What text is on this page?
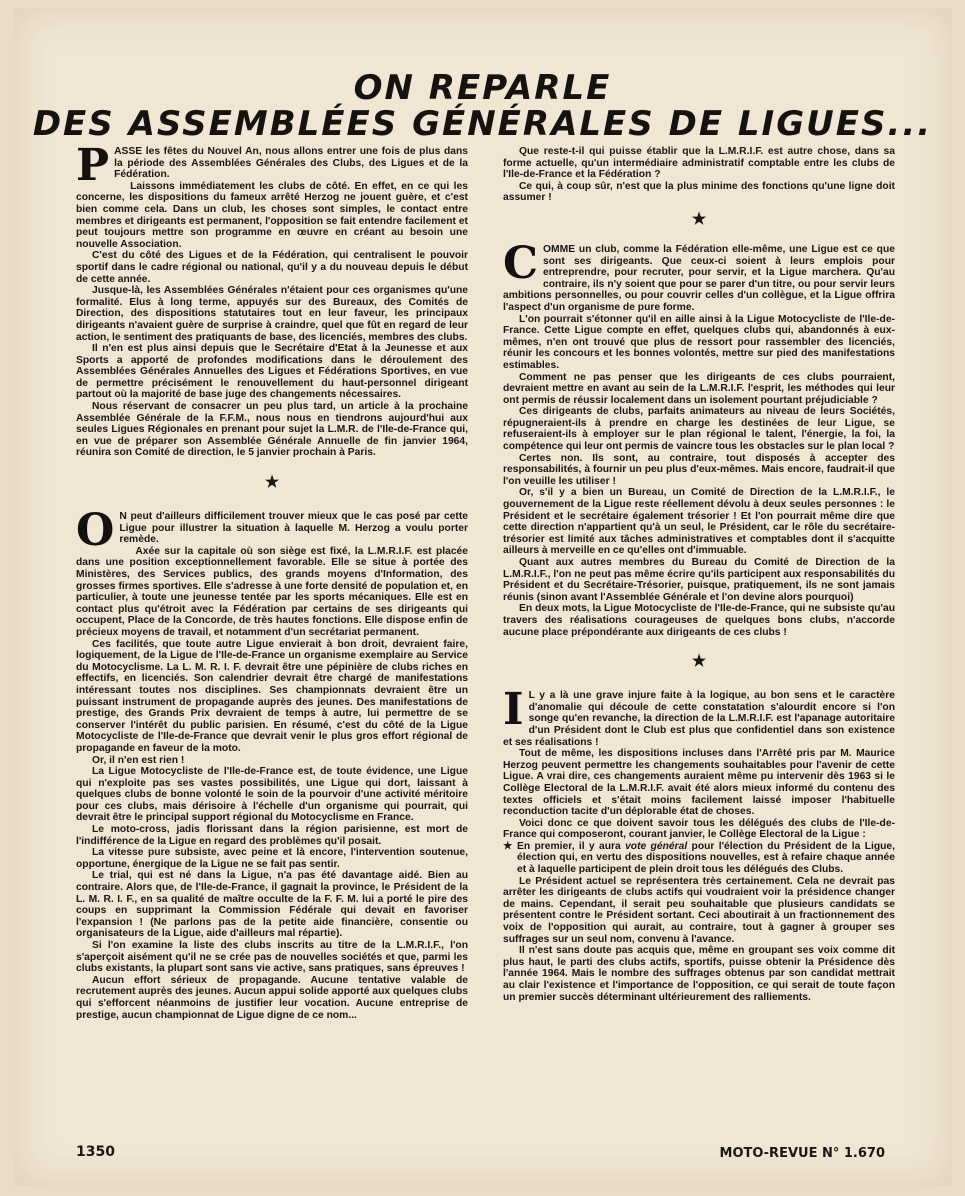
ON REPARLE
DES ASSEMBLÉES GÉNÉRALES DE LIGUES...

PASSE les fêtes du Nouvel An, nous allons entrer une fois de plus dans la période des Assemblées Générales des Clubs, des Ligues et de la Fédération.

Laissons immédiatement les clubs de côté. En effet, en ce qui les concerne, les dispositions du fameux arrêté Herzog ne jouent guère, et c'est bien comme cela. Dans un club, les choses sont simples, le contact entre membres et dirigeants est permanent, l'opposition se fait entendre facilement et peut toujours mettre son programme en œuvre en créant au besoin une nouvelle Association.

C'est du côté des Ligues et de la Fédération, qui centralisent le pouvoir sportif dans le cadre régional ou national, qu'il y a du nouveau depuis le début de cette année.

Jusque-là, les Assemblées Générales n'étaient pour ces organismes qu'une formalité. Elus à long terme, appuyés sur des Bureaux, des Comités de Direction, des dispositions statutaires tout en leur faveur, les principaux dirigeants n'avaient guère de surprise à craindre, quel que fût en regard de leur action, le sentiment des pratiquants de base, des licenciés, membres des clubs.

Il n'en est plus ainsi depuis que le Secrétaire d'Etat à la Jeunesse et aux Sports a apporté de profondes modifications dans le déroulement des Assemblées Générales Annuelles des Ligues et Fédérations Sportives, en vue de permettre précisément le renouvellement du haut-personnel dirigeant partout où la majorité de base juge des changements nécessaires.

Nous réservant de consacrer un peu plus tard, un article à la prochaine Assemblée Générale de la F.F.M., nous nous en tiendrons aujourd'hui aux seules Ligues Régionales en prenant pour sujet la L.M.R. de l'Ile-de-France qui, en vue de préparer son Assemblée Générale Annuelle de fin janvier 1964, réunira son Comité de direction, le 5 janvier prochain à Paris.

★

O N peut d'ailleurs difficilement trouver mieux que le cas posé par cette Ligue pour illustrer la situation à laquelle M. Herzog a voulu porter remède.

Axée sur la capitale où son siège est fixé, la L.M.R.I.F. est placée dans une position exceptionnellement favorable. Elle se situe à portée des Ministères, des Services publics, des grands moyens d'Information, des grosses firmes sportives. Elle s'adresse à une forte densité de population et, en particulier, à toute une jeunesse tentée par les sports mécaniques. Elle est en contact plus qu'étroit avec la Fédération par certains de ses dirigeants qui occupent, Place de la Concorde, de très hautes fonctions. Elle dispose enfin de précieux moyens de travail, et notamment d'un secrétariat permanent.

Ces facilités, que toute autre Ligue envierait à bon droit, devraient faire, logiquement, de la Ligue de l'Ile-de-France un organisme exemplaire au Service du Motocyclisme. La L. M. R. I. F. devrait être une pépinière de clubs riches en effectifs, en licenciés. Son calendrier devrait être chargé de manifestations intéressant toutes nos disciplines. Ses championnats devraient être un puissant instrument de propagande auprès des jeunes. Des manifestations de prestige, des Grands Prix devraient de temps à autre, lui permettre de se conserver l'intérêt du public parisien. En résumé, c'est du côté de la Ligue Motocycliste de l'Ile-de-France que devrait venir le plus gros effort régional de propagande en faveur de la moto.

Or, il n'en est rien !

La Ligue Motocycliste de l'Ile-de-France est, de toute évidence, une Ligue qui n'exploite pas ses vastes possibilités, une Ligue qui dort, laissant à quelques clubs de bonne volonté le soin de la pourvoir d'une activité méritoire pour ces clubs, mais dérisoire à l'échelle d'un organisme qui pourrait, qui devrait être le principal support régional du Motocyclisme en France.

Le moto-cross, jadis florissant dans la région parisienne, est mort de l'indifférence de la Ligue en regard des problèmes qu'il posait.

La vitesse pure subsiste, avec peine et là encore, l'intervention soutenue, opportune, énergique de la Ligue ne se fait pas sentir.

Le trial, qui est né dans la Ligue, n'a pas été davantage aidé. Bien au contraire. Alors que, de l'Ile-de-France, il gagnait la province, le Président de la L. M. R. I. F., en sa qualité de maître occulte de la F. F. M. lui a porté le pire des coups en supprimant la Commission Fédérale qui devait en favoriser l'expansion ! (Ne parlons pas de la petite aide financière, consentie ou organisateurs de la Ligue, aide d'ailleurs mal répartie).

Si l'on examine la liste des clubs inscrits au titre de la L.M.R.I.F., l'on s'aperçoit aisément qu'il ne se crée pas de nouvelles sociétés et que, parmi les clubs existants, la plupart sont sans vie active, sans pratiques, sans épreuves !

Aucun effort sérieux de propagande. Aucune tentative valable de recrutement auprès des jeunes. Aucun appui solide apporté aux quelques clubs qui s'efforcent néanmoins de justifier leur vocation. Aucune entreprise de prestige, aucun championnat de Ligue digne de ce nom...

Que reste-t-il qui puisse établir que la L.M.R.I.F. est autre chose, dans sa forme actuelle, qu'un intermédiaire administratif comptable entre les clubs de l'Ile-de-France et la Fédération ?

Ce qui, à coup sûr, n'est que la plus minime des fonctions qu'une ligne doit assumer !

★

COMME un club, comme la Fédération elle-même, une Ligue est ce que sont ses dirigeants. Que ceux-ci soient à leurs emplois pour entreprendre, pour recruter, pour servir, et la Ligue marchera. Qu'au contraire, ils n'y soient que pour se parer d'un titre, ou pour servir leurs ambitions personnelles, ou pour couvrir celles d'un collègue, et la Ligue offrira l'aspect d'un organisme de pure forme.

L'on pourrait s'étonner qu'il en aille ainsi à la Ligue Motocycliste de l'Ile-de-France. Cette Ligue compte en effet, quelques clubs qui, abandonnés à eux-mêmes, n'en ont trouvé que plus de ressort pour rassembler des licenciés, réunir les concours et les bonnes volontés, mettre sur pied des manifestations estimables.

Comment ne pas penser que les dirigeants de ces clubs pourraient, devraient mettre en avant au sein de la L.M.R.I.F. l'esprit, les méthodes qui leur ont permis de réussir localement dans un isolement pourtant préjudiciable ?

Ces dirigeants de clubs, parfaits animateurs au niveau de leurs Sociétés, répugneraient-ils à prendre en charge les destinées de leur Ligue, se refuseraient-ils à employer sur le plan régional le talent, l'énergie, la foi, la compétence qui leur ont permis de vaincre tous les obstacles sur le plan local ?

Certes non. Ils sont, au contraire, tout disposés à accepter des responsabilités, à fournir un peu plus d'eux-mêmes. Mais encore, faudrait-il que l'on veuille les utiliser !

Or, s'il y a bien un Bureau, un Comité de Direction de la L.M.R.I.F., le gouvernement de la Ligue reste réellement dévolu à deux seules personnes : le Président et le secrétaire également trésorier ! Et l'on pourrait même dire que cette direction n'appartient qu'à un seul, le Président, car le rôle du secrétaire-trésorier est limité aux tâches administratives et comptables dont il s'acquitte ailleurs à merveille en ce qu'elles ont d'immuable.

Quant aux autres membres du Bureau du Comité de Direction de la L.M.R.I.F., l'on ne peut pas même écrire qu'ils participent aux responsabilités du Président et du Secrétaire-Trésorier, puisque, pratiquement, ils ne sont jamais réunis (sinon avant l'Assemblée Générale et l'on devine alors pourquoi)

En deux mots, la Ligue Motocycliste de l'Ile-de-France, qui ne subsiste qu'au travers des réalisations courageuses de quelques bons clubs, n'accorde aucune place prépondérante aux dirigeants de ces clubs !

★

I L y a là une grave injure faite à la logique, au bon sens et le caractère d'anomalie qui découle de cette constatation s'alourdit encore si l'on songe qu'en revanche, la direction de la L.M.R.I.F. est l'apanage autoritaire d'un Président dont le Club est plus que confidentiel dans son existence et ses réalisations !

Tout de même, les dispositions incluses dans l'Arrêté pris par M. Maurice Herzog peuvent permettre les changements souhaitables pour l'avenir de cette Ligue. A vrai dire, ces changements auraient même pu intervenir dès 1963 si le Collège Electoral de la L.M.R.I.F. avait été alors mieux informé du contenu des textes officiels et s'était moins facilement laissé imposer l'habituelle reconduction tacite d'un déplorable état de choses.

Voici donc ce que doivent savoir tous les délégués des clubs de l'Ile-de-France qui composeront, courant janvier, le Collège Electoral de la Ligue :

★ En premier, il y aura vote général pour l'élection du Président de la Ligue, élection qui, en vertu des dispositions nouvelles, est à refaire chaque année et à laquelle participent de plein droit tous les délégués des Clubs.

Le Président actuel se représentera très certainement. Cela ne devrait pas arrêter les dirigeants de clubs actifs qui voudraient voir la présidence changer de mains. Cependant, il serait peu souhaitable que plusieurs candidats se présentent contre le Président sortant. Ceci aboutirait à un fractionnement des voix de l'opposition qui aurait, au contraire, tout à gagner à grouper ses suffrages sur un seul nom, convenu à l'avance.

Il n'est sans doute pas acquis que, même en groupant ses voix comme dit plus haut, le parti des clubs actifs, sportifs, puisse obtenir la Présidence dès l'année 1964. Mais le nombre des suffrages obtenus par son candidat mettrait au clair l'existence et l'importance de l'opposition, ce qui serait de toute façon un premier succès déterminant ultérieurement des ralliements.

1350	MOTO-REVUE N° 1.670
